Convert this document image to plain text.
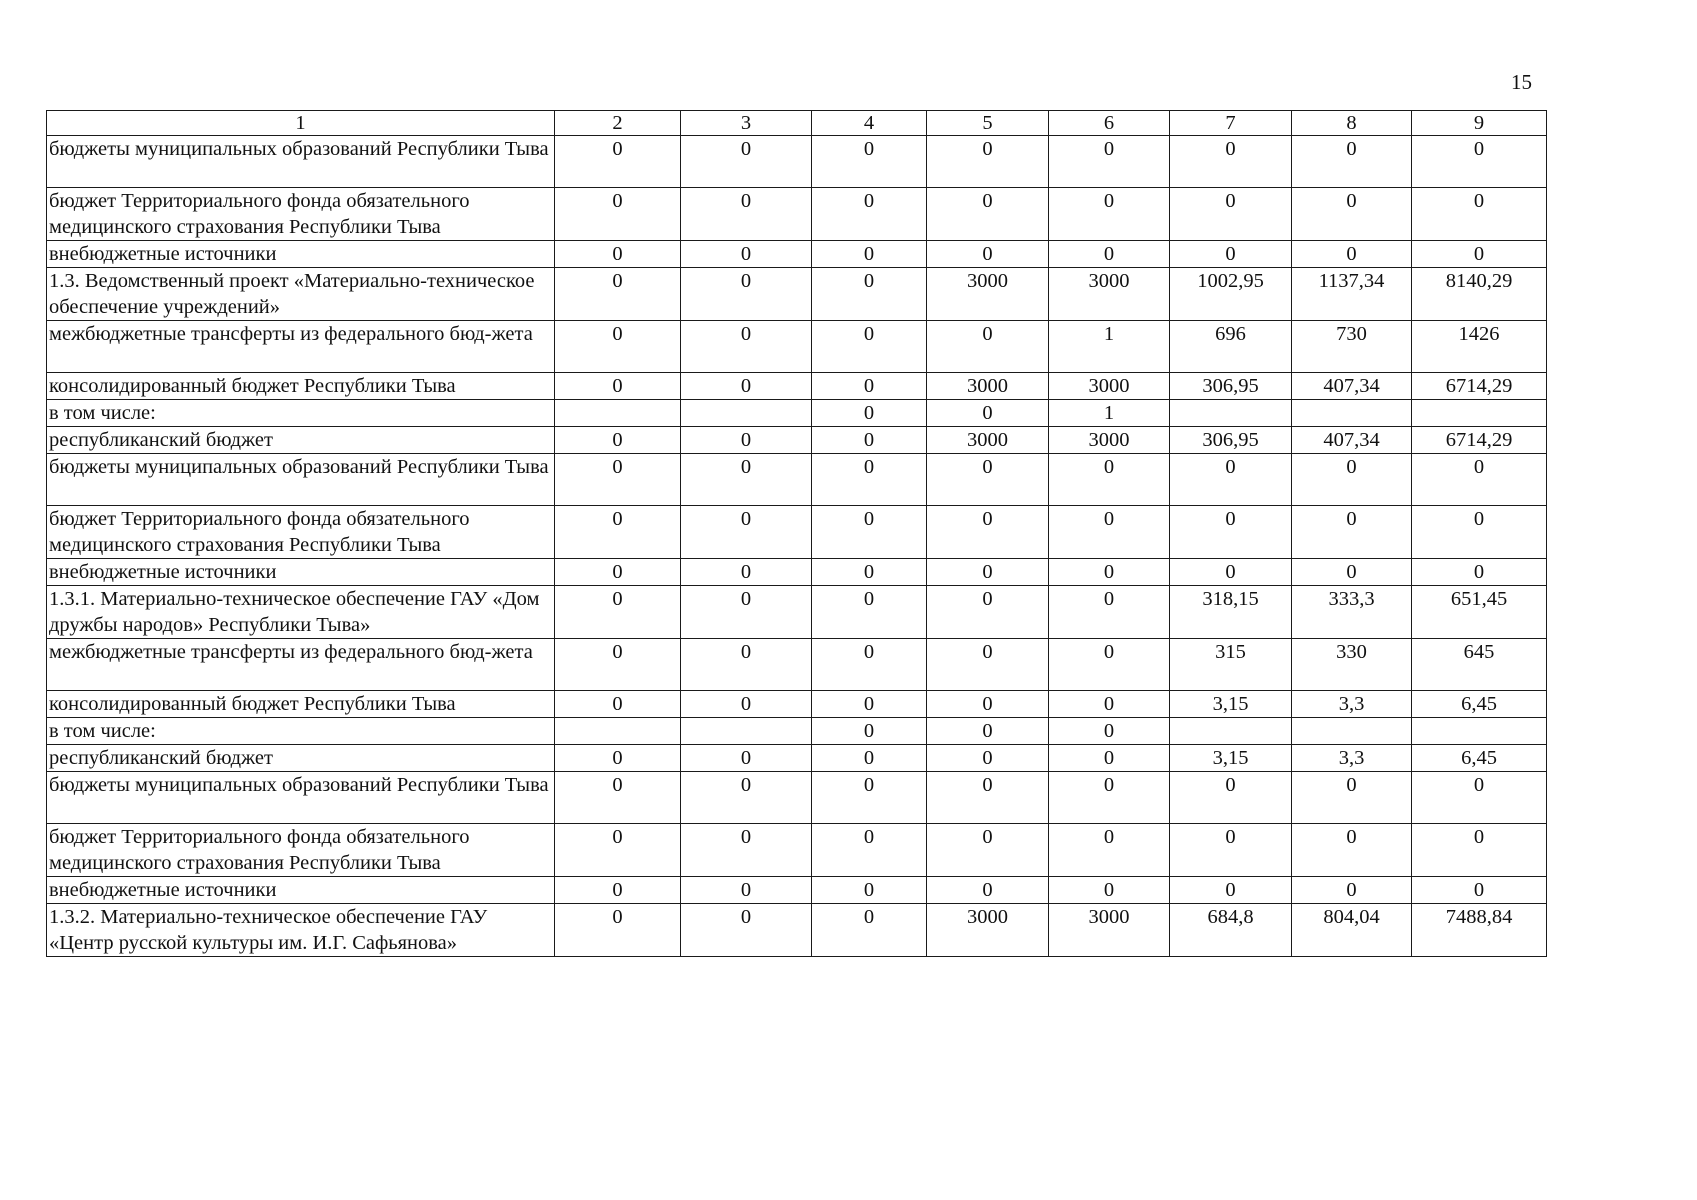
15
1	2	3	4	5	6	7	8	9
бюджеты муниципальных образований Республики Тыва	0	0	0	0	0	0	0	0
бюджет Территориального фонда обязательного медицинского страхования Республики Тыва	0	0	0	0	0	0	0	0
внебюджетные источники	0	0	0	0	0	0	0	0
1.3. Ведомственный проект «Материально-техническое обеспечение учреждений»	0	0	0	3000	3000	1002,95	1137,34	8140,29
межбюджетные трансферты из федерального бюд-жета	0	0	0	0	1	696	730	1426
консолидированный бюджет Республики Тыва	0	0	0	3000	3000	306,95	407,34	6714,29
в том числе:			0	0	1			
республиканский бюджет	0	0	0	3000	3000	306,95	407,34	6714,29
бюджеты муниципальных образований Республики Тыва	0	0	0	0	0	0	0	0
бюджет Территориального фонда обязательного медицинского страхования Республики Тыва	0	0	0	0	0	0	0	0
внебюджетные источники	0	0	0	0	0	0	0	0
1.3.1. Материально-техническое обеспечение ГАУ «Дом дружбы народов» Республики Тыва»	0	0	0	0	0	318,15	333,3	651,45
межбюджетные трансферты из федерального бюд-жета	0	0	0	0	0	315	330	645
консолидированный бюджет Республики Тыва	0	0	0	0	0	3,15	3,3	6,45
в том числе:			0	0	0			
республиканский бюджет	0	0	0	0	0	3,15	3,3	6,45
бюджеты муниципальных образований Республики Тыва	0	0	0	0	0	0	0	0
бюджет Территориального фонда обязательного медицинского страхования Республики Тыва	0	0	0	0	0	0	0	0
внебюджетные источники	0	0	0	0	0	0	0	0
1.3.2. Материально-техническое обеспечение ГАУ «Центр русской культуры им. И.Г. Сафьянова»	0	0	0	3000	3000	684,8	804,04	7488,84
